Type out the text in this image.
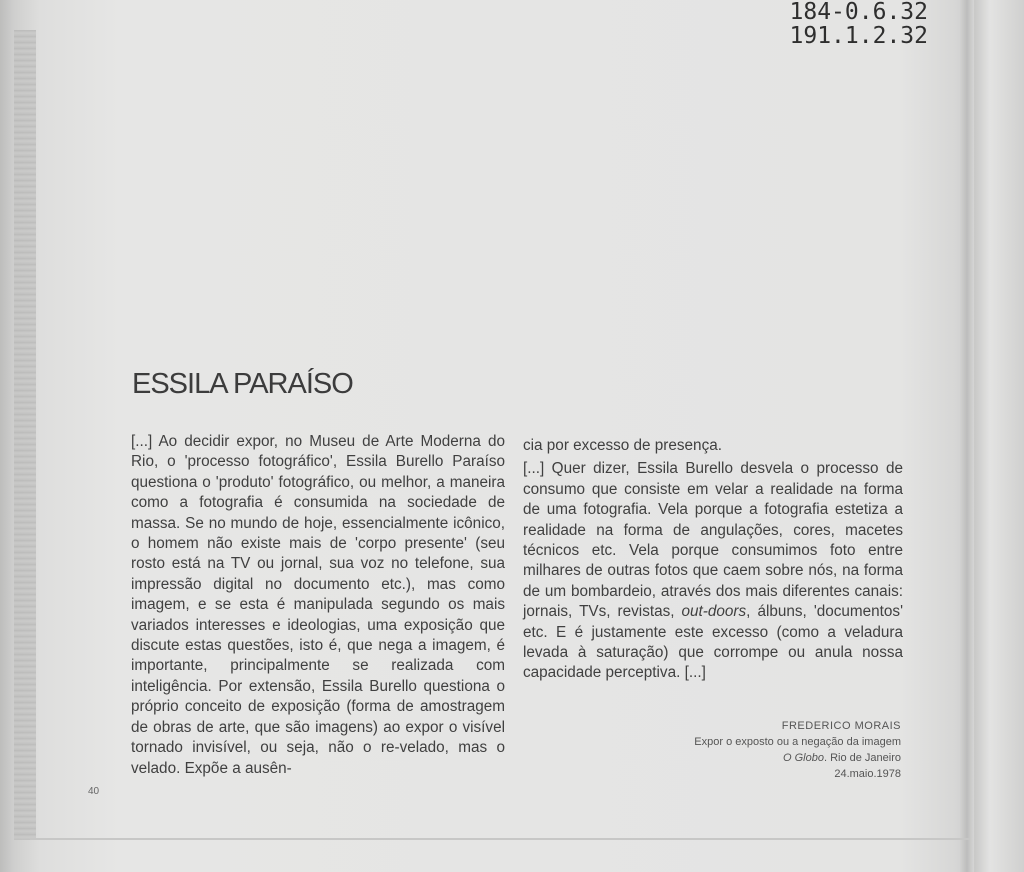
184-0.6.32
191.1.2.32
ESSILA PARAÍSO

[...] Ao decidir expor, no Museu de Arte Moderna do Rio, o 'processo fotográfico', Essila Burello Paraíso questiona o 'produto' fotográfico, ou melhor, a maneira como a fotografia é consumida na sociedade de massa. Se no mundo de hoje, essencialmente icônico, o homem não existe mais de 'corpo presente' (seu rosto está na TV ou jornal, sua voz no telefone, sua impressão digital no documento etc.), mas como imagem, e se esta é manipulada segundo os mais variados interesses e ideologias, uma exposição que discute estas questões, isto é, que nega a imagem, é importante, principalmente se realizada com inteligência. Por extensão, Essila Burello questiona o próprio conceito de exposição (forma de amostragem de obras de arte, que são imagens) ao expor o visível tornado invisível, ou seja, não o re-velado, mas o velado. Expõe a ausên-

cia por excesso de presença.

[...] Quer dizer, Essila Burello desvela o processo de consumo que consiste em velar a realidade na forma de uma fotografia. Vela porque a fotografia estetiza a realidade na forma de angulações, cores, macetes técnicos etc. Vela porque consumimos foto entre milhares de outras fotos que caem sobre nós, na forma de um bombardeio, através dos mais diferentes canais: jornais, TVs, revistas, out-doors, álbuns, 'documentos' etc. E é justamente este excesso (como a veladura levada à saturação) que corrompe ou anula nossa capacidade perceptiva. [...]

FREDERICO MORAIS
Expor o exposto ou a negação da imagem
O Globo. Rio de Janeiro
24.maio.1978
40
